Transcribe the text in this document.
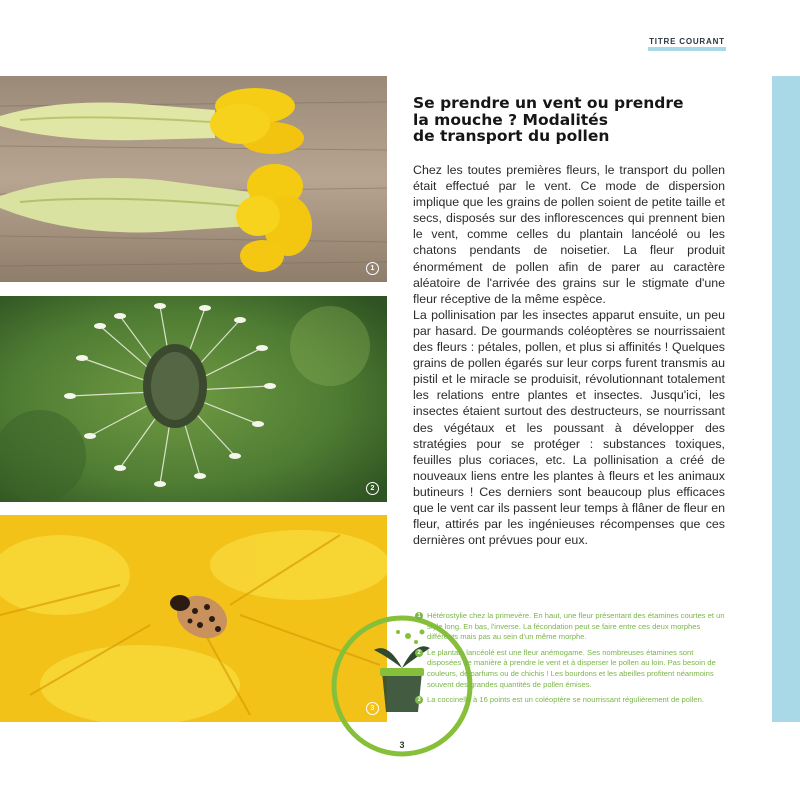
TITRE COURANT
1
2
3
Se prendre un vent ou prendre
la mouche ? Modalités
de transport du pollen

Chez les toutes premières fleurs, le transport du pollen était effectué par le vent. Ce mode de dispersion implique que les grains de pollen soient de petite taille et secs, disposés sur des inflorescences qui prennent bien le vent, comme celles du plantain lancéolé ou les chatons pendants de noisetier. La fleur produit énormément de pollen afin de parer au caractère aléatoire de l'arrivée des grains sur le stigmate d'une fleur réceptive de la même espèce.

La pollinisation par les insectes apparut ensuite, un peu par hasard. De gourmands coléoptères se nourrissaient des fleurs : pétales, pollen, et plus si affinités ! Quelques grains de pollen égarés sur leur corps furent transmis au pistil et le miracle se produisit, révolutionnant totalement les relations entre plantes et insectes. Jusqu'ici, les insectes étaient surtout des destructeurs, se nourrissant des végétaux et les poussant à développer des stratégies pour se protéger : substances toxiques, feuilles plus coriaces, etc. La pollinisation a créé de nouveaux liens entre les plantes à fleurs et les animaux butineurs ! Ces derniers sont beaucoup plus efficaces que le vent car ils passent leur temps à flâner de fleur en fleur, attirés par les ingénieuses récompenses que ces dernières ont prévues pour eux.

1 Hétérostylie chez la primevère. En haut, une fleur présentant des étamines courtes et un style long. En bas, l'inverse. La fécondation peut se faire entre ces deux morphes différents mais pas au sein d'un même morphe.
2 Le plantain lancéolé est une fleur anémogame. Ses nombreuses étamines sont disposées de manière à prendre le vent et à disperser le pollen au loin. Pas besoin de couleurs, de parfums ou de chichis ! Les bourdons et les abeilles profitent néanmoins souvent des grandes quantités de pollen émises.
3 La coccinelle à 16 points est un coléoptère se nourrissant régulièrement de pollen.
3
